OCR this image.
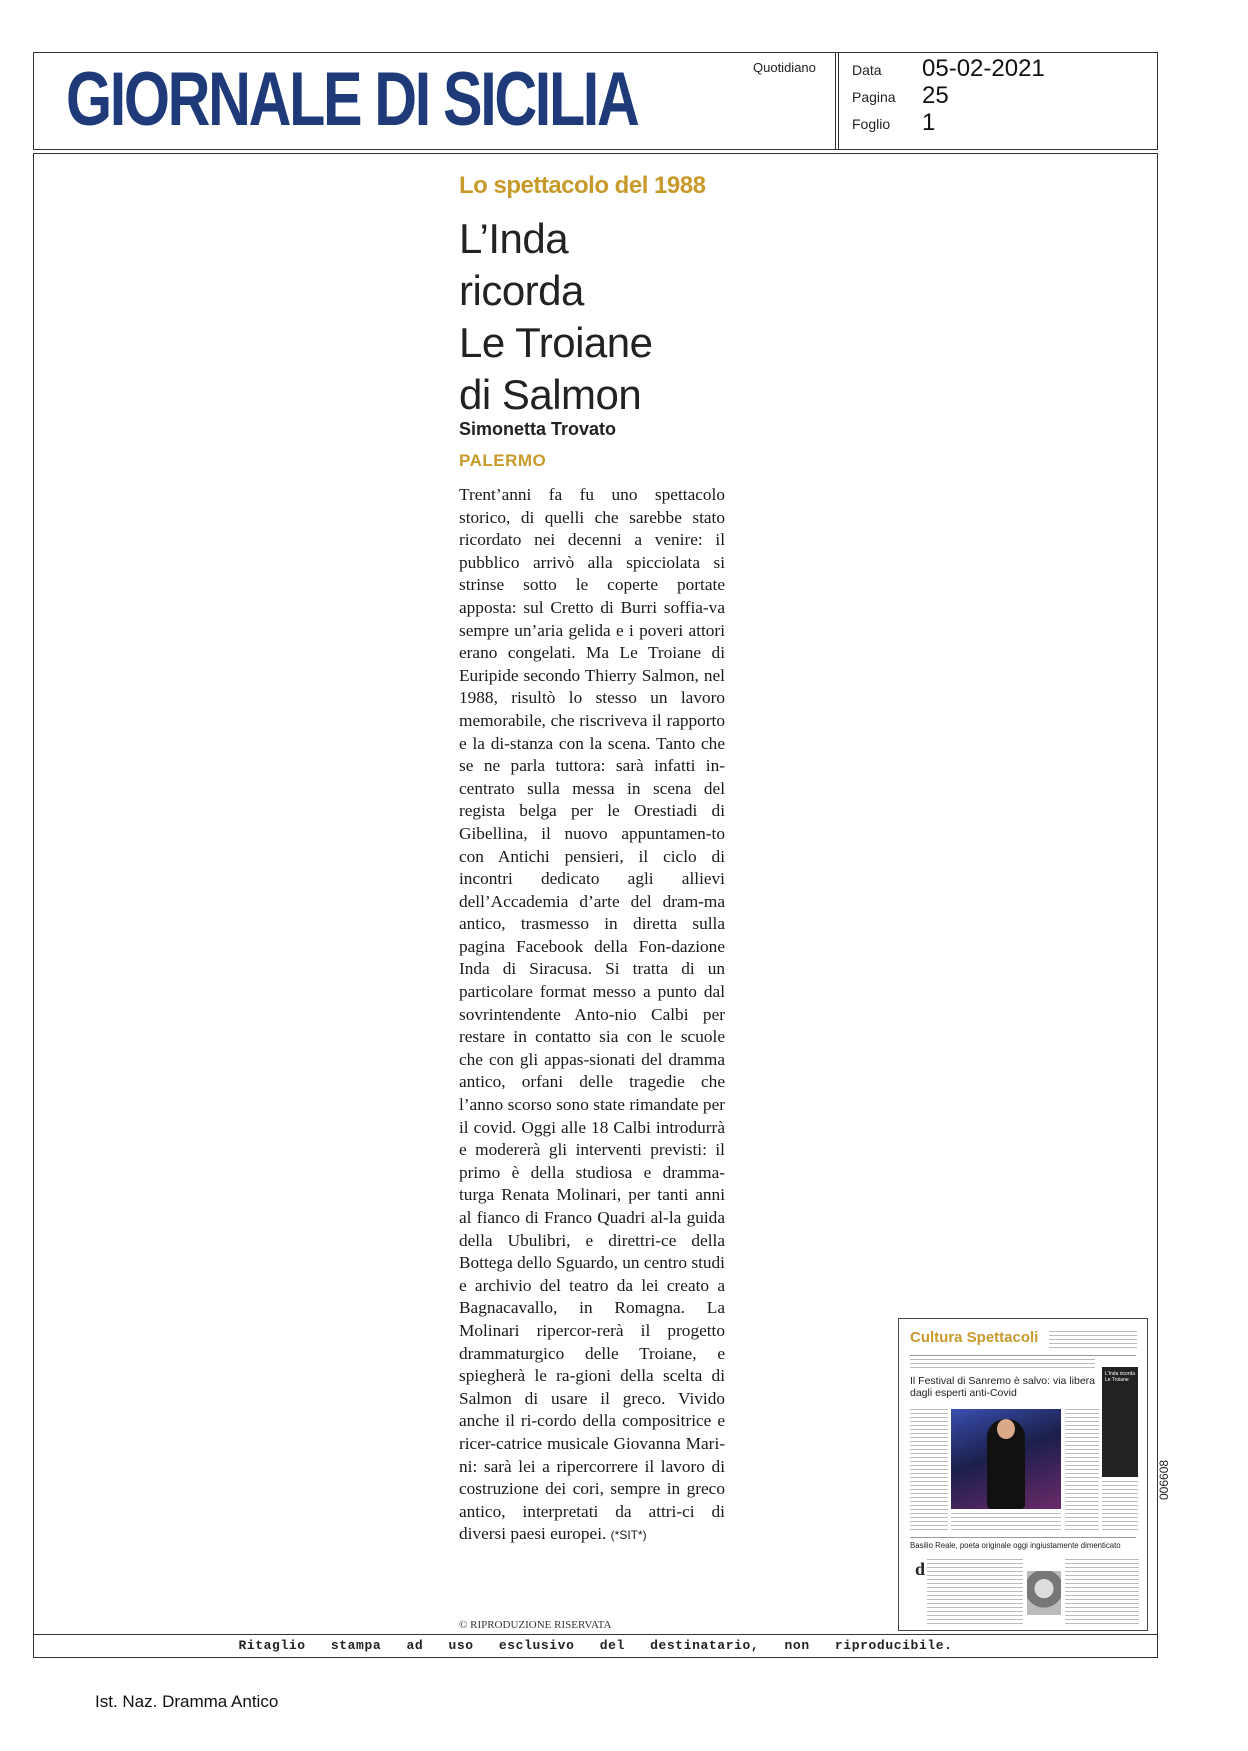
GIORNALE DI SICILIA	Quotidiano	Data 05-02-2021
Pagina 25
Foglio 1
Lo spettacolo del 1988
L’Inda
ricorda
Le Troiane
di Salmon
Simonetta Trovato
PALERMO
Trent’anni fa fu uno spettacolo storico, di quelli che sarebbe stato ricordato nei decenni a venire: il pubblico arrivò alla spicciolata si strinse sotto le coperte portate apposta: sul Cretto di Burri soffia-va sempre un’aria gelida e i poveri attori erano congelati. Ma Le Troiane di Euripide secondo Thierry Salmon, nel 1988, risultò lo stesso un lavoro memorabile, che riscriveva il rapporto e la di-stanza con la scena. Tanto che se ne parla tuttora: sarà infatti in-centrato sulla messa in scena del regista belga per le Orestiadi di Gibellina, il nuovo appuntamen-to con Antichi pensieri, il ciclo di incontri dedicato agli allievi dell’Accademia d’arte del dram-ma antico, trasmesso in diretta sulla pagina Facebook della Fon-dazione Inda di Siracusa. Si tratta di un particolare format messo a punto dal sovrintendente Anto-nio Calbi per restare in contatto sia con le scuole che con gli appas-sionati del dramma antico, orfani delle tragedie che l’anno scorso sono state rimandate per il covid. Oggi alle 18 Calbi introdurrà e modererà gli interventi previsti: il primo è della studiosa e dramma-turga Renata Molinari, per tanti anni al fianco di Franco Quadri al-la guida della Ubulibri, e direttri-ce della Bottega dello Sguardo, un centro studi e archivio del teatro da lei creato a Bagnacavallo, in Romagna. La Molinari ripercor-rerà il progetto drammaturgico delle Troiane, e spiegherà le ra-gioni della scelta di Salmon di usare il greco. Vivido anche il ri-cordo della compositrice e ricer-catrice musicale Giovanna Mari-ni: sarà lei a ripercorrere il lavoro di costruzione dei cori, sempre in greco antico, interpretati da attri-ci di diversi paesi europei. (*SIT*)
© RIPRODUZIONE RISERVATA
Cultura Spettacoli
Il Festival di Sanremo è salvo: via libera dagli esperti anti-Covid
L’Inda ricorda Le Troiane
Basilio Reale, poeta originale oggi ingiustamente dimenticato
d
006608
Ritaglio   stampa   ad   uso   esclusivo   del   destinatario,   non   riproducibile.
Ist. Naz. Dramma Antico
